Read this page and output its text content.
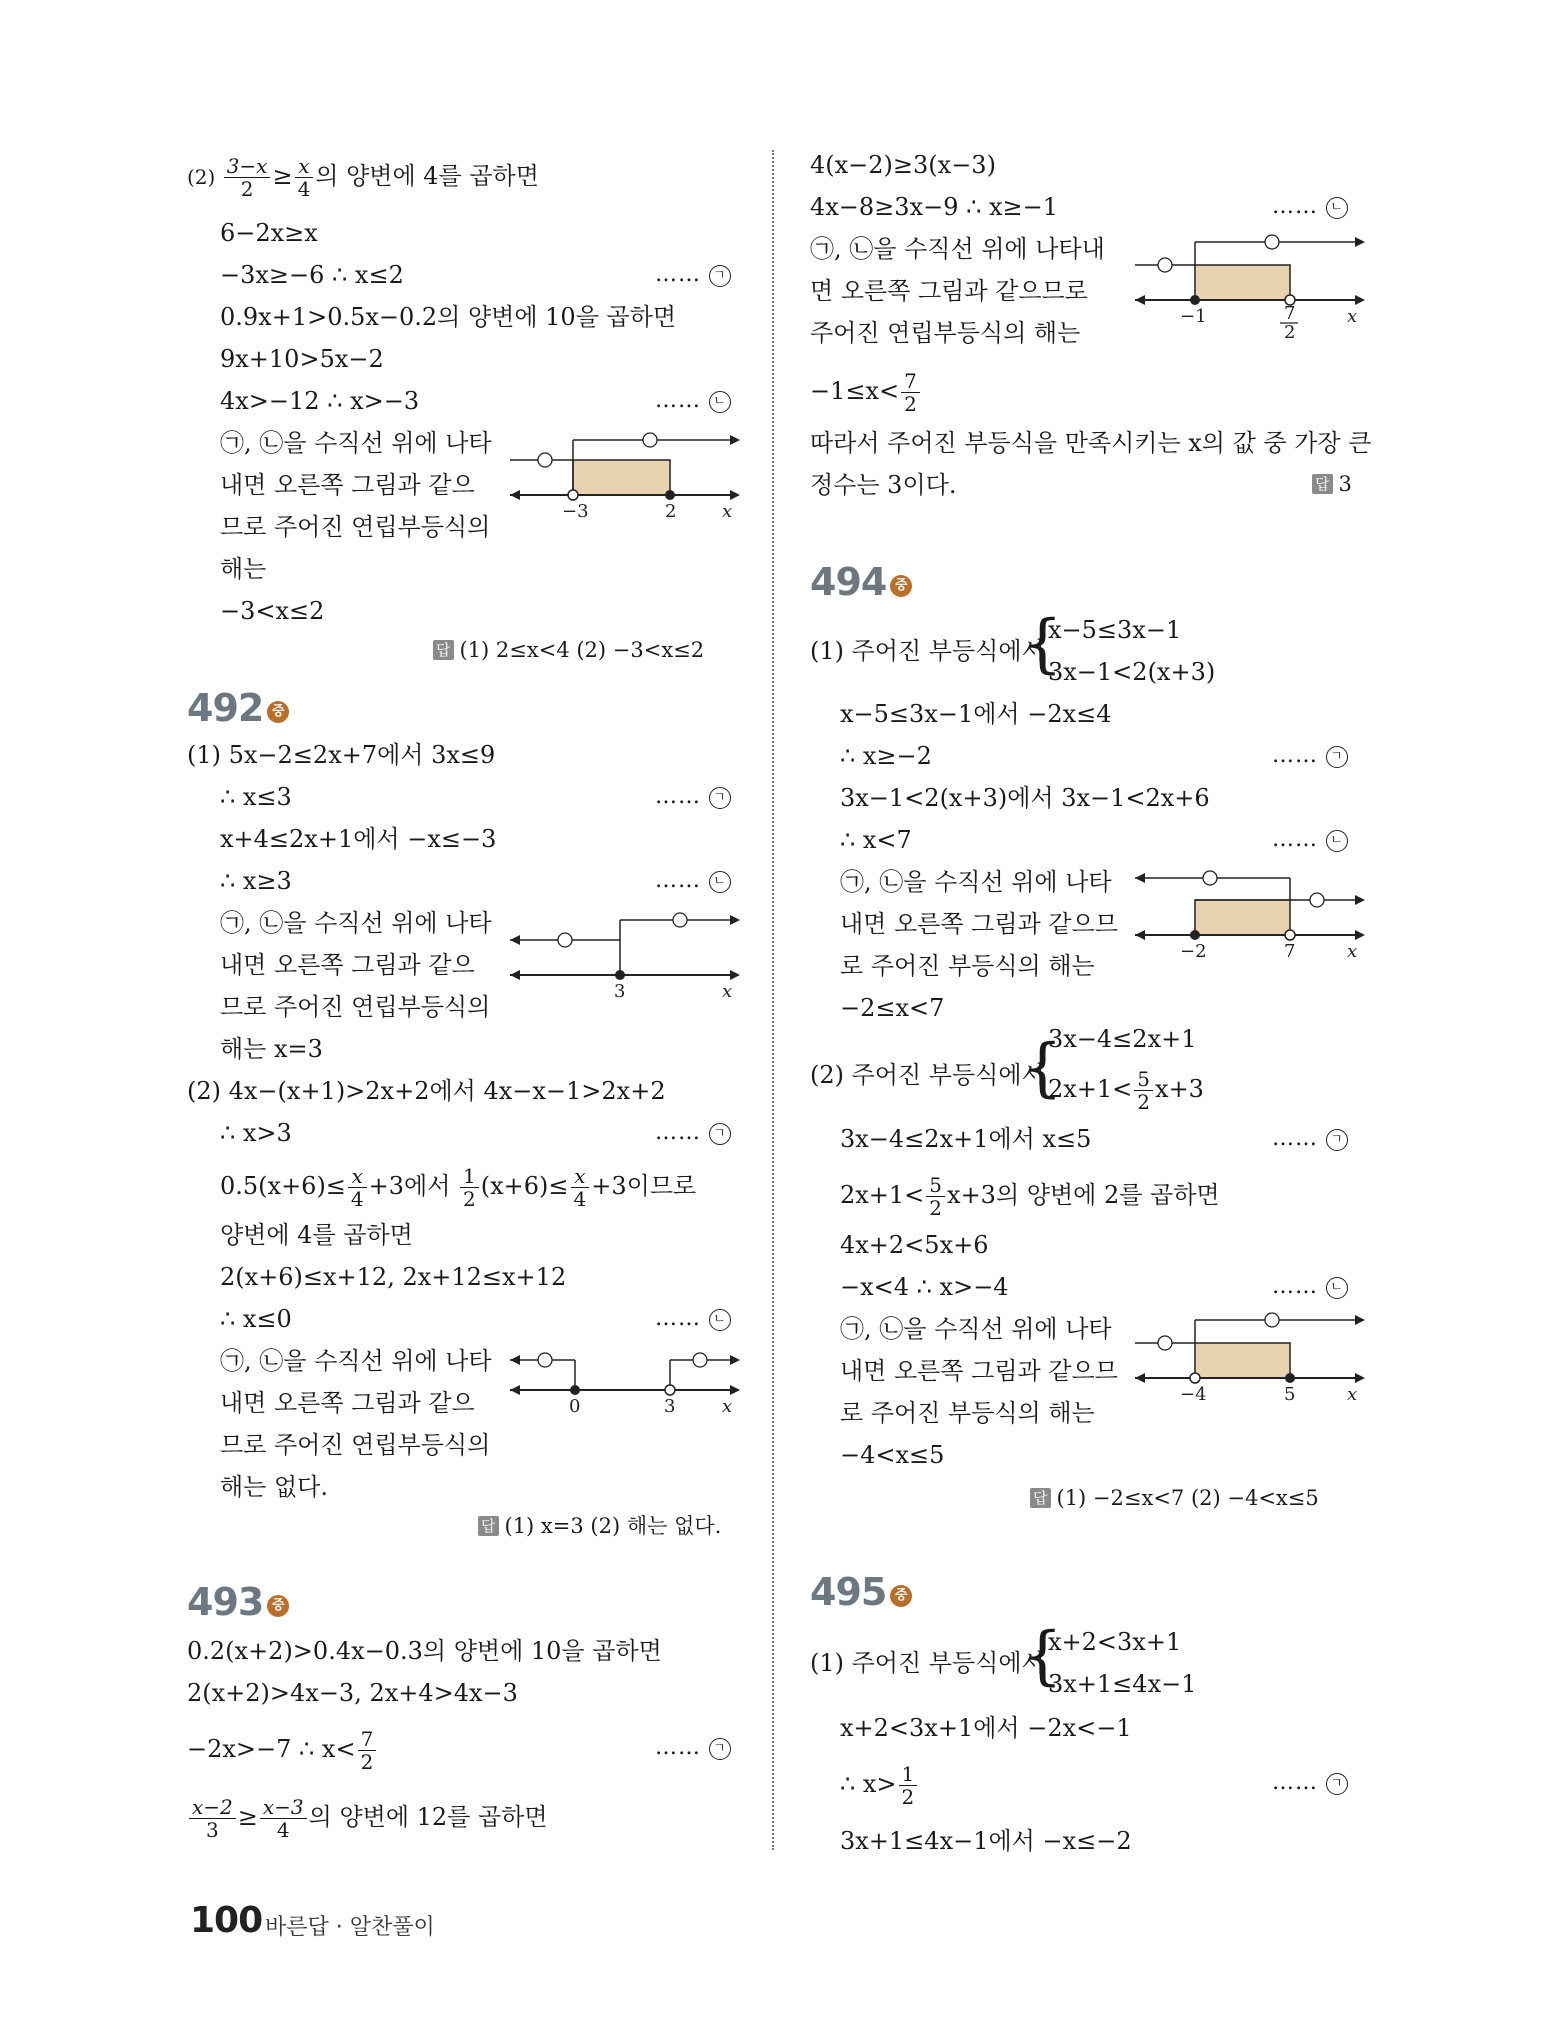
$(2) \frac{3-x}{2} \ge \frac{x}{4}$ 의 양변에 4를 곱하면
6−2x≥x
−3x≥−6 ∴ x≤2	…… ㄱ
0.9x+1>0.5x−0.2의 양변에 10을 곱하면
9x+10>5x−2
4x>−12 ∴ x>−3	…… ㄴ
㉠, ㉡을 수직선 위에 나타
내면 오른쪽 그림과 같으
므로 주어진 연립부등식의
해는
−3<x≤2
−3	2	x
답 (1) 2≤x<4 (2) −3<x≤2
492 중
(1) 5x−2≤2x+7에서 3x≤9
∴ x≤3	…… ㄱ
x+4≤2x+1에서 −x≤−3
∴ x≥3	…… ㄴ
㉠, ㉡을 수직선 위에 나타
내면 오른쪽 그림과 같으
므로 주어진 연립부등식의
해는 x=3
3	x
(2) 4x−(x+1)>2x+2에서 4x−x−1>2x+2
∴ x>3	…… ㄱ
$0.5(x+6)\le \frac{x}{4} +3$에서 $\frac{1}{2} (x+6)\le \frac{x}{4} +3$이므로
양변에 4를 곱하면
2(x+6)≤x+12, 2x+12≤x+12
∴ x≤0	…… ㄴ
㉠, ㉡을 수직선 위에 나타
내면 오른쪽 그림과 같으
므로 주어진 연립부등식의
해는 없다.
0	3	x
답 (1) x=3 (2) 해는 없다.
493 중
0.2(x+2)>0.4x−0.3의 양변에 10을 곱하면
2(x+2)>4x−3, 2x+4>4x−3
−2x>−7 ∴ $x< \frac{7}{2}$	…… ㄱ
$\frac{x-2}{3} \ge \frac{x-3}{4}$ 의 양변에 12를 곱하면
4(x−2)≥3(x−3)
4x−8≥3x−9 ∴ x≥−1	…… ㄴ
㉠, ㉡을 수직선 위에 나타내
면 오른쪽 그림과 같으므로
주어진 연립부등식의 해는
$-1\le x< \frac{7}{2}$
−1	7
2
x
따라서 주어진 부등식을 만족시키는 x의 값 중 가장 큰
정수는 3이다.	답 3
494 중
(1) 주어진 부등식에서
{
x−5≤3x−1
3x−1<2(x+3)
x−5≤3x−1에서 −2x≤4
∴ x≥−2	…… ㄱ
3x−1<2(x+3)에서 3x−1<2x+6
∴ x<7	…… ㄴ
㉠, ㉡을 수직선 위에 나타
내면 오른쪽 그림과 같으므
로 주어진 부등식의 해는
−2≤x<7
−2	7	x
(2) 주어진 부등식에서
{
3x−4≤2x+1
$2x+1< \frac{5}{2} x+3$
3x−4≤2x+1에서 x≤5	…… ㄱ
$2x+1< \frac{5}{2} x+3$의 양변에 2를 곱하면
4x+2<5x+6
−x<4 ∴ x>−4	…… ㄴ
㉠, ㉡을 수직선 위에 나타
내면 오른쪽 그림과 같으므
로 주어진 부등식의 해는
−4<x≤5
−4	5	x
답 (1) −2≤x<7 (2) −4<x≤5
495 중
(1) 주어진 부등식에서
{
x+2<3x+1
3x+1≤4x−1
x+2<3x+1에서 −2x<−1
∴ $x> \frac{1}{2}$	…… ㄱ
3x+1≤4x−1에서 −x≤−2
100 바른답 · 알찬풀이
